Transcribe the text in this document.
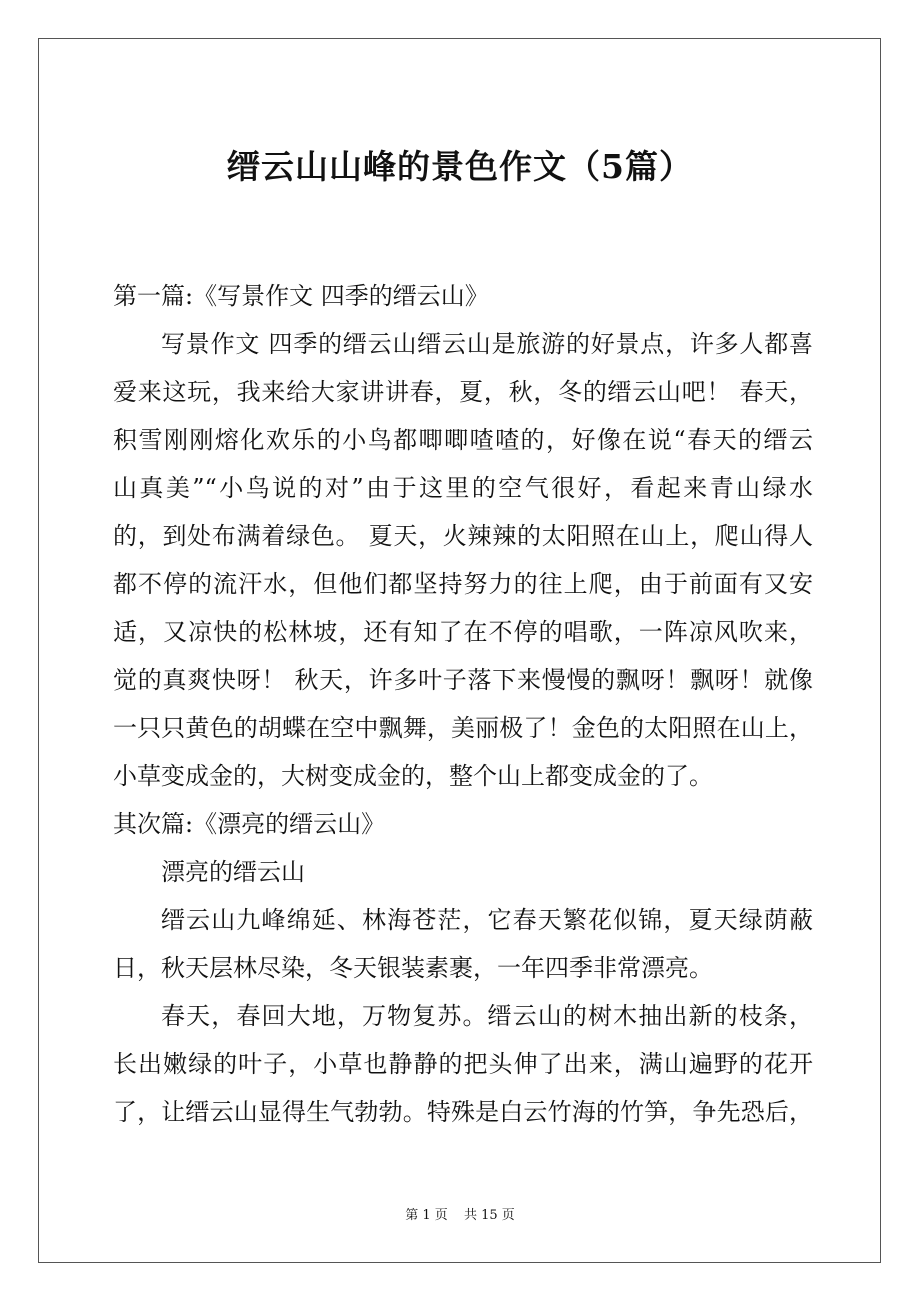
缙云山山峰的景色作文（5篇）
第一篇:《写景作文 四季的缙云山》
写景作文 四季的缙云山缙云山是旅游的好景点，许多人都喜
爱来这玩，我来给大家讲讲春，夏，秋，冬的缙云山吧！ 春天，
积雪刚刚熔化欢乐的小鸟都唧唧喳喳的，好像在说“春天的缙云
山真美”“小鸟说的对”由于这里的空气很好，看起来青山绿水
的，到处布满着绿色。 夏天，火辣辣的太阳照在山上，爬山得人
都不停的流汗水，但他们都坚持努力的往上爬，由于前面有又安
适，又凉快的松林坡，还有知了在不停的唱歌，一阵凉风吹来，
觉的真爽快呀！ 秋天，许多叶子落下来慢慢的飘呀！飘呀！就像
一只只黄色的胡蝶在空中飘舞，美丽极了！金色的太阳照在山上，
小草变成金的，大树变成金的，整个山上都变成金的了。
其次篇:《漂亮的缙云山》
漂亮的缙云山
缙云山九峰绵延、林海苍茫，它春天繁花似锦，夏天绿荫蔽
日，秋天层林尽染，冬天银装素裹，一年四季非常漂亮。
春天，春回大地，万物复苏。缙云山的树木抽出新的枝条，
长出嫩绿的叶子，小草也静静的把头伸了出来，满山遍野的花开
了，让缙云山显得生气勃勃。特殊是白云竹海的竹笋，争先恐后，
第 1 页 共 15 页
